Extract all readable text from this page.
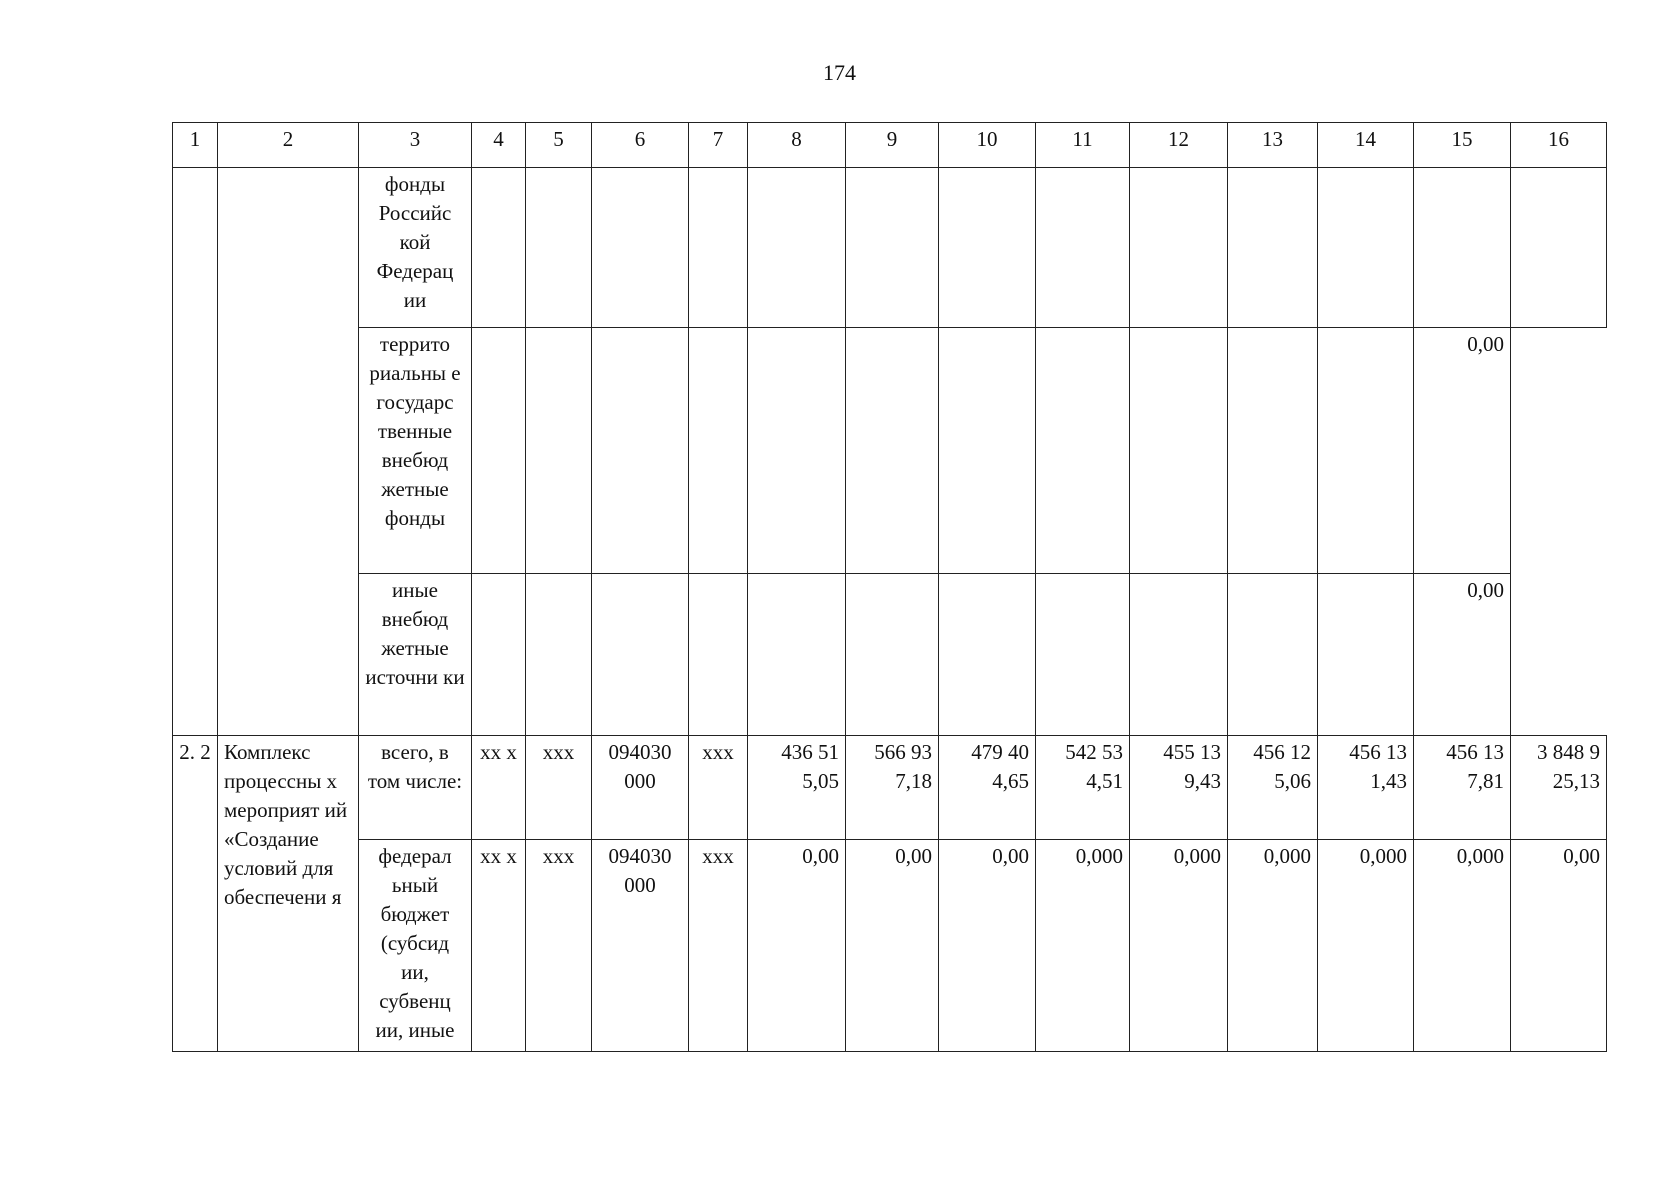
174
1	2	3	4	5	6	7	8	9	10	11	12	13	14	15	16
		фонды Российс кой Федерац ии													
		террито риальны е государс твенные внебюд жетные фонды												0,00	
		иные внебюд жетные источни ки												0,00	
2. 2	Комплекс процессны х мероприят ий «Создание условий для обеспечени я	всего, в том числе:	хх х	ххх	094030 000	ххх	436 51 5,05	566 93 7,18	479 40 4,65	542 53 4,51	455 13 9,43	456 12 5,06	456 13 1,43	456 13 7,81	3 848 9 25,13
		федерал ьный бюджет (субсид ии, субвенц ии, иные	хх х	ххх	094030 000	ххх	0,00	0,00	0,00	0,000	0,000	0,000	0,000	0,000	0,00
